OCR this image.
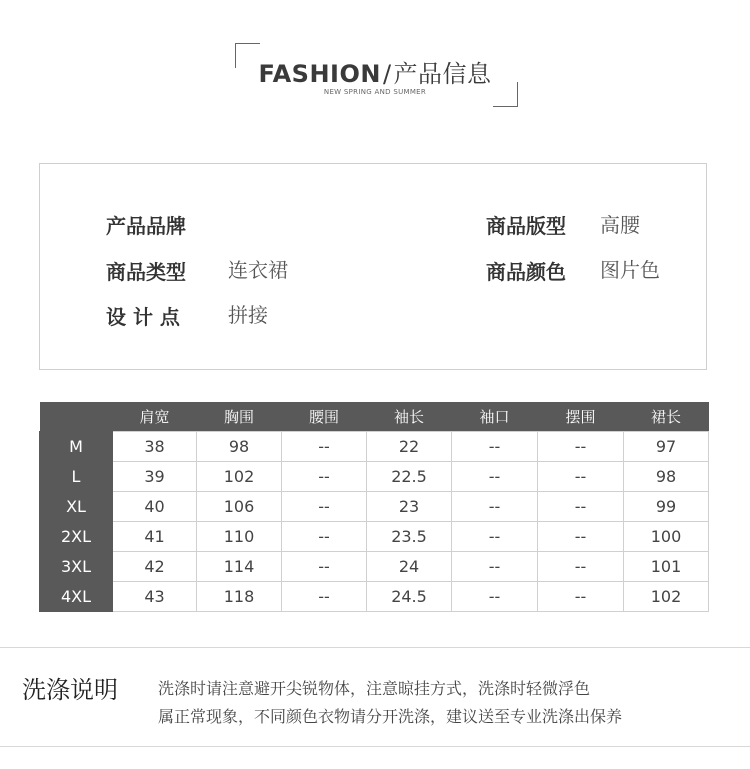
FASHION/产品信息
NEW SPRING AND SUMMER
产品品牌
商品类型 连衣裙
设 计 点 拼接
商品版型 高腰
商品颜色 图片色
	肩宽	胸围	腰围	袖长	袖口	摆围	裙长
M	38	98	--	22	--	--	97
L	39	102	--	22.5	--	--	98
XL	40	106	--	23	--	--	99
2XL	41	110	--	23.5	--	--	100
3XL	42	114	--	24	--	--	101
4XL	43	118	--	24.5	--	--	102
洗涤说明	洗涤时请注意避开尖锐物体，注意晾挂方式，洗涤时轻微浮色
属正常现象，不同颜色衣物请分开洗涤，建议送至专业洗涤出保养
